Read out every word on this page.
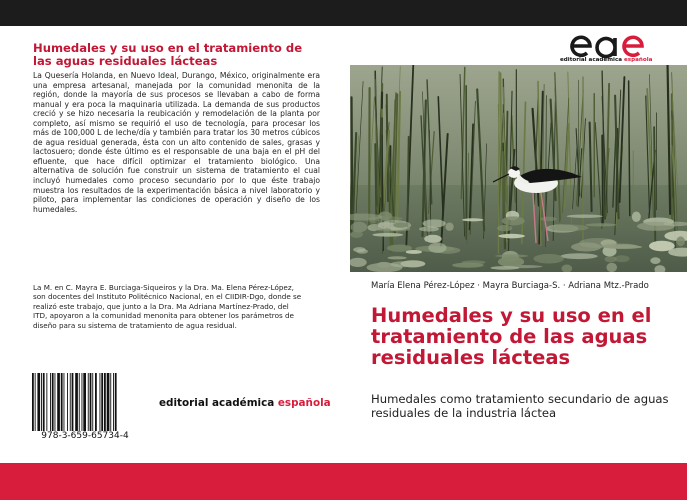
Humedales y su uso en el tratamiento de las aguas residuales lácteas
La Quesería Holanda, en Nuevo Ideal, Durango, México, originalmente era una empresa artesanal, manejada por la comunidad menonita de la región, donde la mayoría de sus procesos se llevaban a cabo de forma manual y era poca la maquinaria utilizada. La demanda de sus productos creció y se hizo necesaria la reubicación y remodelación de la planta por completo, así mismo se requirió el uso de tecnología, para procesar los más de 100,000 L de leche/día y también para tratar los 30 metros cúbicos de agua residual generada, ésta con un alto contenido de sales, grasas y lactosuero; donde éste último es el responsable de una baja en el pH del efluente, que hace difícil optimizar el tratamiento biológico. Una alternativa de solución fue construir un sistema de tratamiento el cual incluyó humedales como proceso secundario por lo que éste trabajo muestra los resultados de la experimentación básica a nivel laboratorio y piloto, para implementar las condiciones de operación y diseño de los humedales.
La M. en C. Mayra E. Burciaga-Siqueiros y la Dra. Ma. Elena Pérez-López, son docentes del Instituto Politécnico Nacional, en el CIIDIR-Dgo, donde se realizó este trabajo, que junto a la Dra. Ma Adriana Martínez-Prado, del ITD, apoyaron a la comunidad menonita para obtener los parámetros de diseño para su sistema de tratamiento de agua residual.
978-3-659-65734-4
editorial académica española
editorial académica española
María Elena Pérez-López · Mayra Burciaga-S. · Adriana Mtz.-Prado
Humedales y su uso en el tratamiento de las aguas residuales lácteas
Humedales como tratamiento secundario de aguas residuales de la industria láctea
